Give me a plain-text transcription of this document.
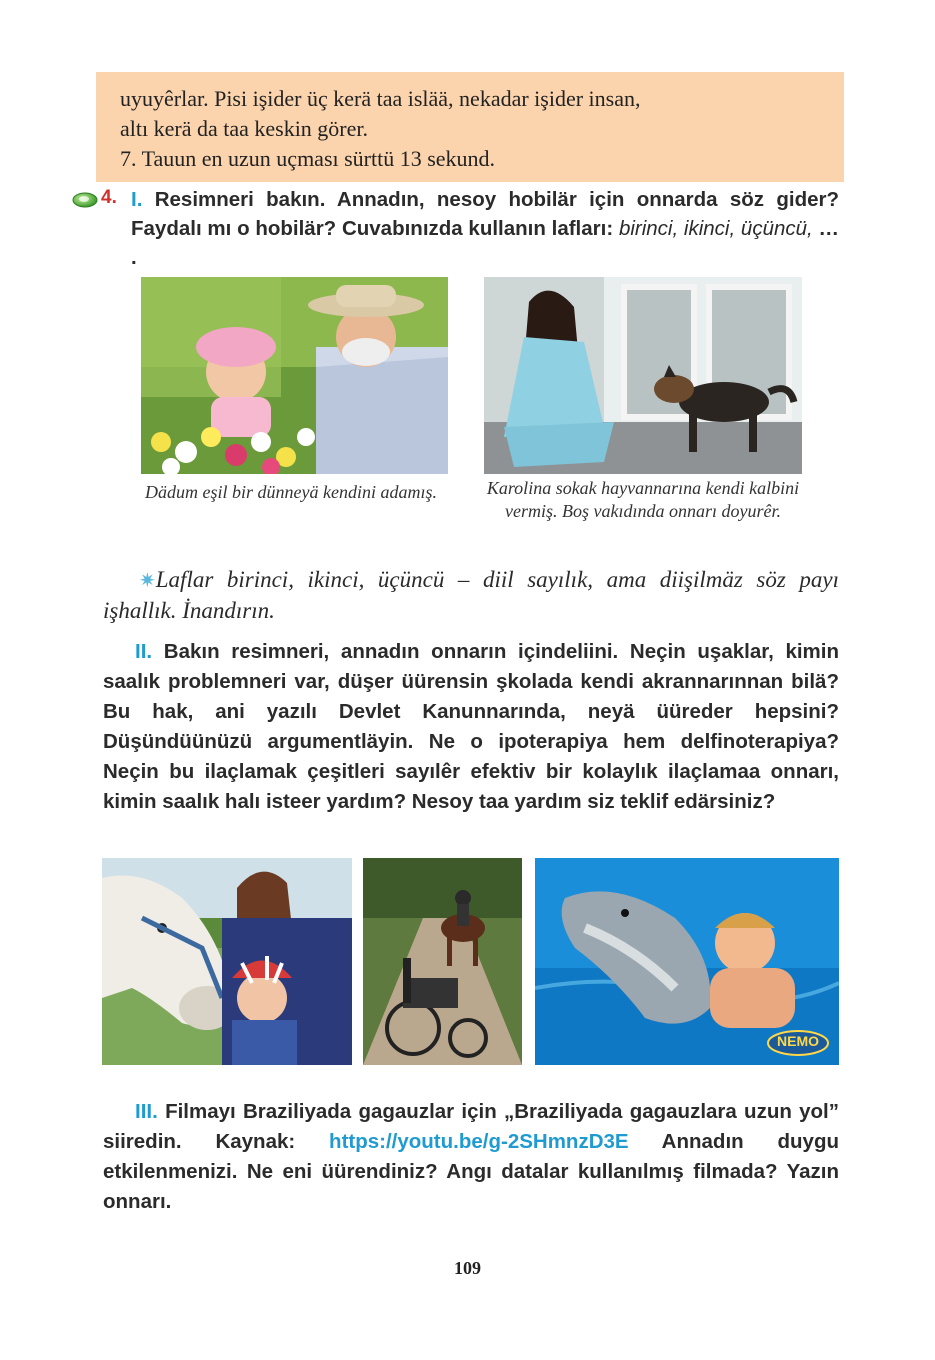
uyuyêrlar. Pisi işider üç kerä taa islää, nekadar işider insan,
altı kerä da taa keskin görer.
7. Tauun en uzun uçması sürttü 13 sekund.
4. I. Resimneri bakın. Annadın, nesoy hobilär için onnarda söz gider? Faydalı mı o hobilär? Cuvabınızda kullanın lafları: birinci, ikinci, üçüncü, … .
Dädum eşil bir dünneyä kendini adamış.	Karolina sokak hayvannarına kendi kalbini vermiş. Boş vakıdında onnarı doyurêr.
✷Laflar birinci, ikinci, üçüncü – diil sayılık, ama diişilmäz söz payı işhallık. İnandırın.
II. Bakın resimneri, annadın onnarın içindeliini. Neçin uşaklar, kimin saalık problemneri var, düşer üürensin şkolada kendi akrannarınnan bilä? Bu hak, ani yazılı Devlet Kanunnarında, neyä üüreder hepsini? Düşündüünüzü argumentläyin. Ne o ipoterapiya hem delfinoterapiya? Neçin bu ilaçlamak çeşitleri sayılêr efektiv bir kolaylık ilaçlamaa onnarı, kimin saalık halı isteer yardım? Nesoy taa yardım siz teklif edärsiniz?
NEMO
III. Filmayı Braziliyada gagauzlar için „Braziliyada gagauzlara uzun yol” siiredin. Kaynak: https://youtu.be/g-2SHmnzD3E Annadın duygu etkilenmenizi. Ne eni üürendiniz? Angı datalar kullanılmış filmada? Yazın onnarı.
109
